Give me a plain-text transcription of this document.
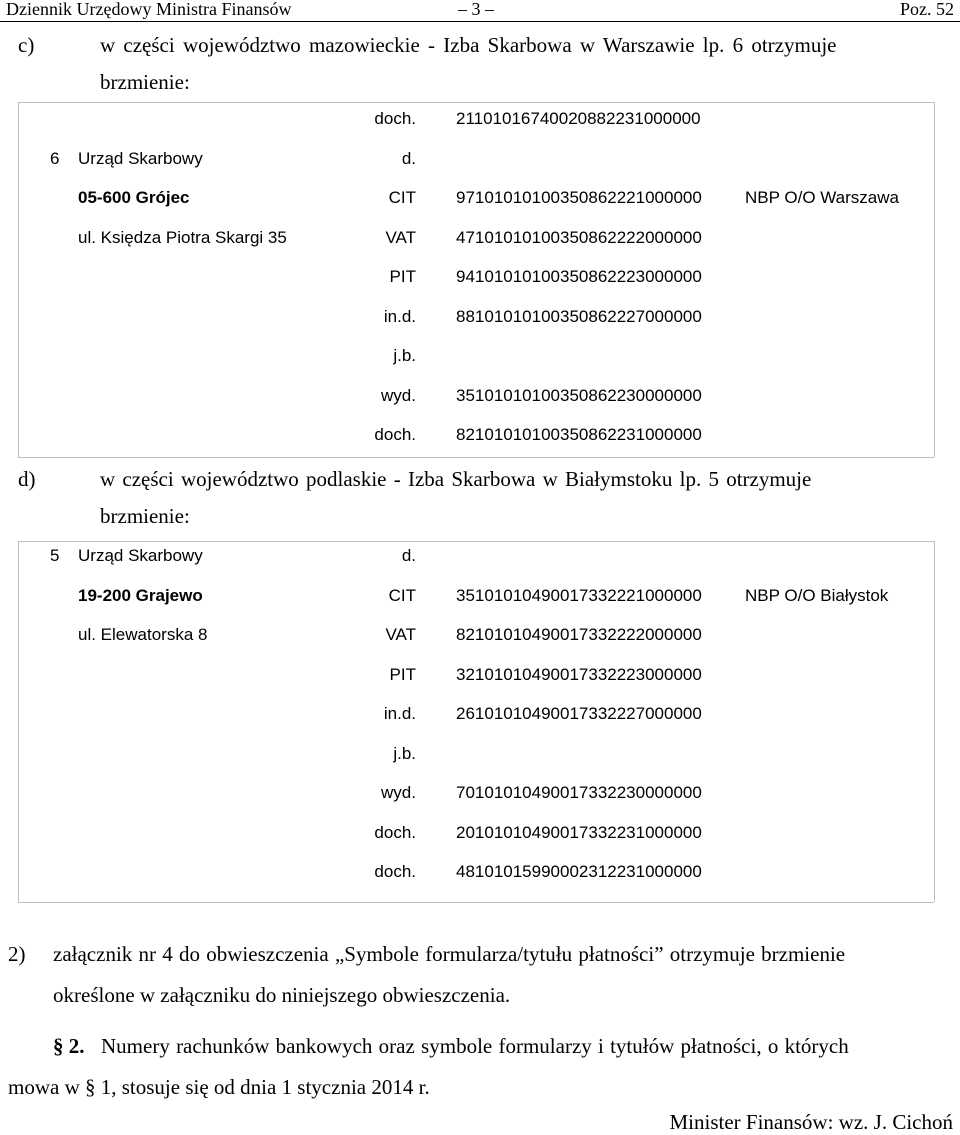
Dziennik Urzędowy Ministra Finansów	– 3 –	Poz. 52
c)	w części województwo mazowieckie - Izba Skarbowa w Warszawie lp. 6 otrzymuje
brzmienie:
doch. 21101016740020882231000000
6 Urząd Skarbowy	d.
05-600 Grójec	CIT 97101010100350862221000000	NBP O/O Warszawa
ul. Księdza Piotra Skargi 35	VAT 47101010100350862222000000
PIT 94101010100350862223000000
in.d. 88101010100350862227000000
j.b.
wyd. 35101010100350862230000000
doch. 82101010100350862231000000
d)	w części województwo podlaskie - Izba Skarbowa w Białymstoku lp. 5 otrzymuje
brzmienie:
5 Urząd Skarbowy	d.
19-200 Grajewo	CIT 35101010490017332221000000	NBP O/O Białystok
ul. Elewatorska 8	VAT 82101010490017332222000000
PIT 32101010490017332223000000
in.d. 26101010490017332227000000
j.b.
wyd. 70101010490017332230000000
doch. 20101010490017332231000000
doch. 48101015990002312231000000
2) załącznik nr 4 do obwieszczenia „Symbole formularza/tytułu płatności” otrzymuje brzmienie
określone w załączniku do niniejszego obwieszczenia.
§ 2. Numery rachunków bankowych oraz symbole formularzy i tytułów płatności, o których
mowa w § 1, stosuje się od dnia 1 stycznia 2014 r.
Minister Finansów: wz. J. Cichoń
